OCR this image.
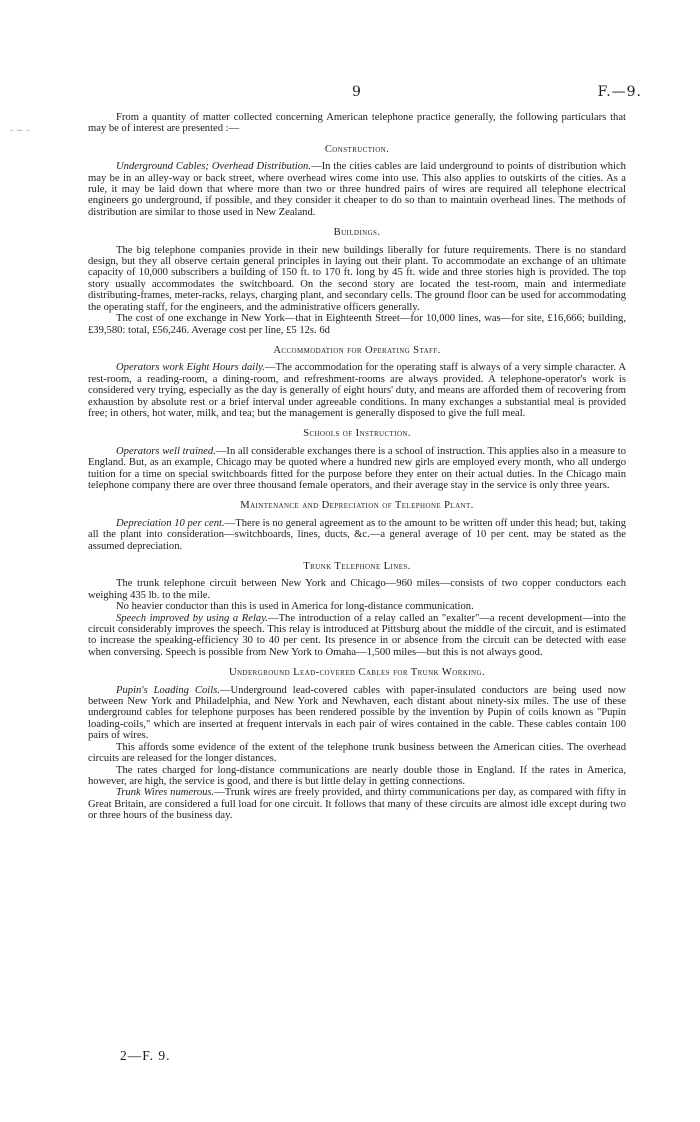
- ~ -
9	F.—9.

From a quantity of matter collected concerning American telephone practice generally, the following particulars that may be of interest are presented :—

Construction.

Underground Cables; Overhead Distribution.—In the cities cables are laid underground to points of distribution which may be in an alley-way or back street, where overhead wires come into use. This also applies to outskirts of the cities. As a rule, it may be laid down that where more than two or three hundred pairs of wires are required all telephone electrical engineers go underground, if possible, and they consider it cheaper to do so than to maintain overhead lines. The methods of distribution are similar to those used in New Zealand.

Buildings.

The big telephone companies provide in their new buildings liberally for future requirements. There is no standard design, but they all observe certain general principles in laying out their plant. To accommodate an exchange of an ultimate capacity of 10,000 subscribers a building of 150 ft. to 170 ft. long by 45 ft. wide and three stories high is provided. The top story usually accommodates the switchboard. On the second story are located the test-room, main and intermediate distributing-frames, meter-racks, relays, charging plant, and secondary cells. The ground floor can be used for accommodating the operating staff, for the engineers, and the administrative officers generally.

The cost of one exchange in New York—that in Eighteenth Street—for 10,000 lines, was—for site, £16,666; building, £39,580: total, £56,246. Average cost per line, £5 12s. 6d

Accommodation for Operating Staff.

Operators work Eight Hours daily.—The accommodation for the operating staff is always of a very simple character. A rest-room, a reading-room, a dining-room, and refreshment-rooms are always provided. A telephone-operator's work is considered very trying, especially as the day is generally of eight hours' duty, and means are afforded them of recovering from exhaustion by absolute rest or a brief interval under agreeable conditions. In many exchanges a substantial meal is provided free; in others, hot water, milk, and tea; but the management is generally disposed to give the full meal.

Schools of Instruction.

Operators well trained.—In all considerable exchanges there is a school of instruction. This applies also in a measure to England. But, as an example, Chicago may be quoted where a hundred new girls are employed every month, who all undergo tuition for a time on special switchboards fitted for the purpose before they enter on their actual duties. In the Chicago main telephone company there are over three thousand female operators, and their average stay in the service is only three years.

Maintenance and Depreciation of Telephone Plant.

Depreciation 10 per cent.—There is no general agreement as to the amount to be written off under this head; but, taking all the plant into consideration—switchboards, lines, ducts, &c.—a general average of 10 per cent. may be stated as the assumed depreciation.

Trunk Telephone Lines.

The trunk telephone circuit between New York and Chicago—960 miles—consists of two copper conductors each weighing 435 lb. to the mile.

No heavier conductor than this is used in America for long-distance communication.

Speech improved by using a Relay.—The introduction of a relay called an "exalter"—a recent development—into the circuit considerably improves the speech. This relay is introduced at Pittsburg about the middle of the circuit, and is estimated to increase the speaking-efficiency 30 to 40 per cent. Its presence in or absence from the circuit can be detected with ease when conversing. Speech is possible from New York to Omaha—1,500 miles—but this is not always good.

Underground Lead-covered Cables for Trunk Working.

Pupin's Loading Coils.—Underground lead-covered cables with paper-insulated conductors are being used now between New York and Philadelphia, and New York and Newhaven, each distant about ninety-six miles. The use of these underground cables for telephone purposes has been rendered possible by the invention by Pupin of coils known as "Pupin loading-coils," which are inserted at frequent intervals in each pair of wires contained in the cable. These cables contain 100 pairs of wires.

This affords some evidence of the extent of the telephone trunk business between the American cities. The overhead circuits are released for the longer distances.

The rates charged for long-distance communications are nearly double those in England. If the rates in America, however, are high, the service is good, and there is but little delay in getting connections.

Trunk Wires numerous.—Trunk wires are freely provided, and thirty communications per day, as compared with fifty in Great Britain, are considered a full load for one circuit. It follows that many of these circuits are almost idle except during two or three hours of the business day.

2—F. 9.
